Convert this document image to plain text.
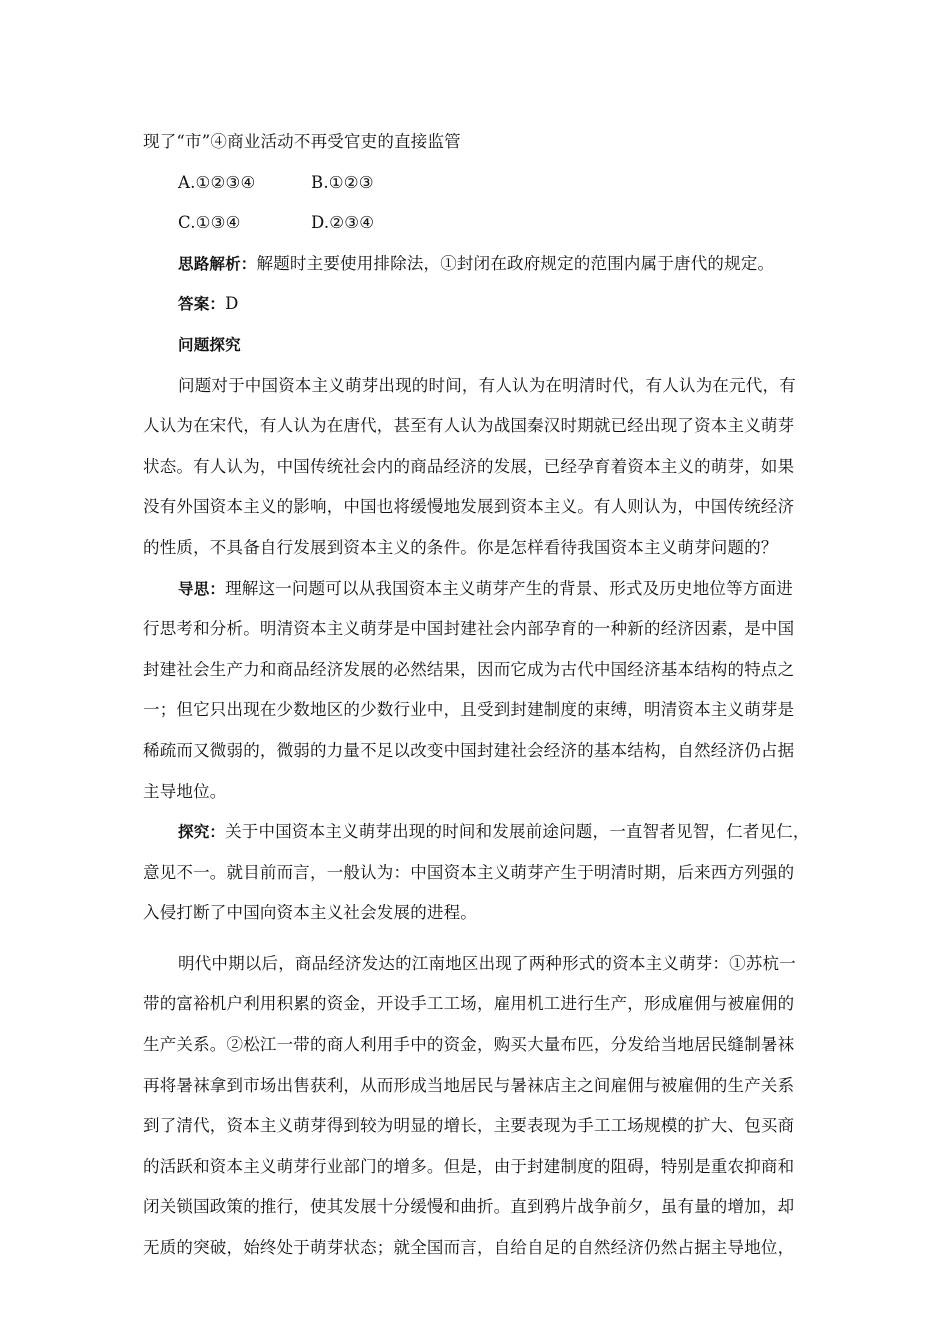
现了“市”④商业活动不再受官吏的直接监管
A.①②③④	B.①②③
C.①③④	D.②③④
思路解析：解题时主要使用排除法，①封闭在政府规定的范围内属于唐代的规定。
答案：D
问题探究
问题对于中国资本主义萌芽出现的时间，有人认为在明清时代，有人认为在元代，有
人认为在宋代，有人认为在唐代，甚至有人认为战国秦汉时期就已经出现了资本主义萌芽
状态。有人认为，中国传统社会内的商品经济的发展，已经孕育着资本主义的萌芽，如果
没有外国资本主义的影响，中国也将缓慢地发展到资本主义。有人则认为，中国传统经济
的性质，不具备自行发展到资本主义的条件。你是怎样看待我国资本主义萌芽问题的？
导思：理解这一问题可以从我国资本主义萌芽产生的背景、形式及历史地位等方面进
行思考和分析。明清资本主义萌芽是中国封建社会内部孕育的一种新的经济因素，是中国
封建社会生产力和商品经济发展的必然结果，因而它成为古代中国经济基本结构的特点之
一；但它只出现在少数地区的少数行业中，且受到封建制度的束缚，明清资本主义萌芽是
稀疏而又微弱的，微弱的力量不足以改变中国封建社会经济的基本结构，自然经济仍占据
主导地位。
探究：关于中国资本主义萌芽出现的时间和发展前途问题，一直智者见智，仁者见仁，
意见不一。就目前而言，一般认为：中国资本主义萌芽产生于明清时期，后来西方列强的
入侵打断了中国向资本主义社会发展的进程。
明代中期以后，商品经济发达的江南地区出现了两种形式的资本主义萌芽：①苏杭一
带的富裕机户利用积累的资金，开设手工工场，雇用机工进行生产，形成雇佣与被雇佣的
生产关系。②松江一带的商人利用手中的资金，购买大量布匹，分发给当地居民缝制暑袜
再将暑袜拿到市场出售获利，从而形成当地居民与暑袜店主之间雇佣与被雇佣的生产关系
到了清代，资本主义萌芽得到较为明显的增长，主要表现为手工工场规模的扩大、包买商
的活跃和资本主义萌芽行业部门的增多。但是，由于封建制度的阻碍，特别是重农抑商和
闭关锁国政策的推行，使其发展十分缓慢和曲折。直到鸦片战争前夕，虽有量的增加，却
无质的突破，始终处于萌芽状态；就全国而言，自给自足的自然经济仍然占据主导地位，
